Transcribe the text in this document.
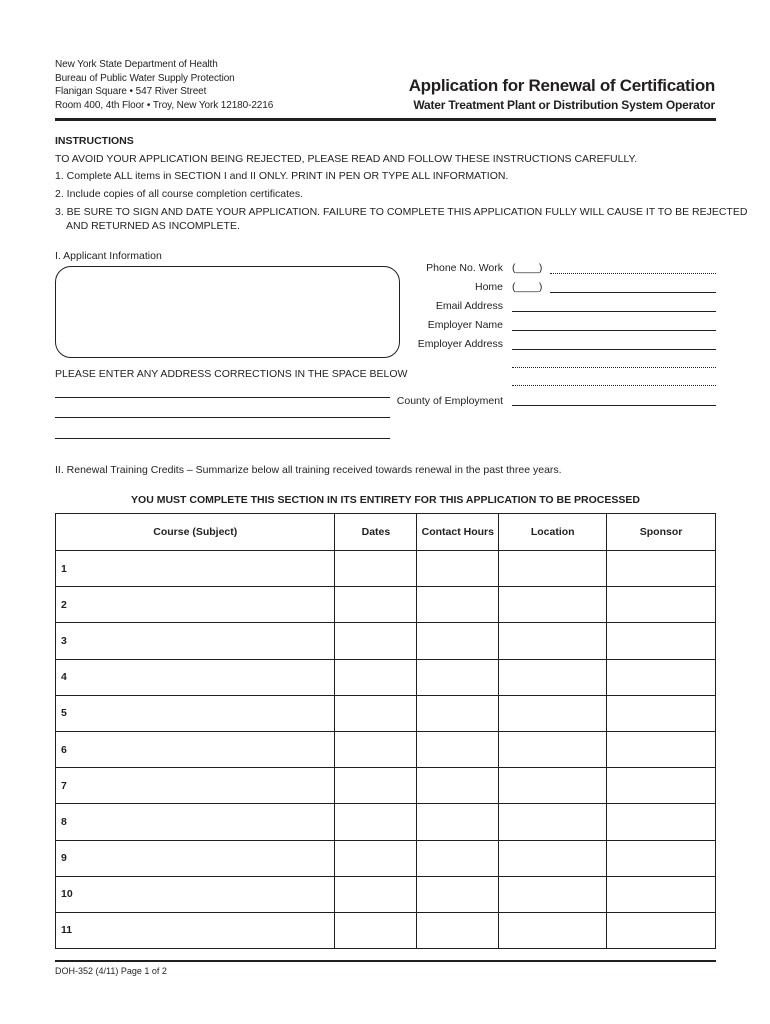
New York State Department of Health
Bureau of Public Water Supply Protection
Flanigan Square • 547 River Street
Room 400, 4th Floor • Troy, New York 12180-2216
Application for Renewal of Certification
Water Treatment Plant or Distribution System Operator
INSTRUCTIONS
TO AVOID YOUR APPLICATION BEING REJECTED, PLEASE READ AND FOLLOW THESE INSTRUCTIONS CAREFULLY.
1. Complete ALL items in SECTION I and II ONLY. PRINT IN PEN OR TYPE ALL INFORMATION.
2. Include copies of all course completion certificates.
3. BE SURE TO SIGN AND DATE YOUR APPLICATION. FAILURE TO COMPLETE THIS APPLICATION FULLY WILL CAUSE IT TO BE REJECTED
AND RETURNED AS INCOMPLETE.
I. Applicant Information
Phone No. Work (____)
Home (____)
Email Address
Employer Name
Employer Address
County of Employment
PLEASE ENTER ANY ADDRESS CORRECTIONS IN THE SPACE BELOW
II. Renewal Training Credits – Summarize below all training received towards renewal in the past three years.
YOU MUST COMPLETE THIS SECTION IN ITS ENTIRETY FOR THIS APPLICATION TO BE PROCESSED
Course (Subject)	Dates	Contact Hours	Location	Sponsor
1				
2				
3				
4				
5				
6				
7				
8				
9				
10				
11				
DOH-352 (4/11) Page 1 of 2
